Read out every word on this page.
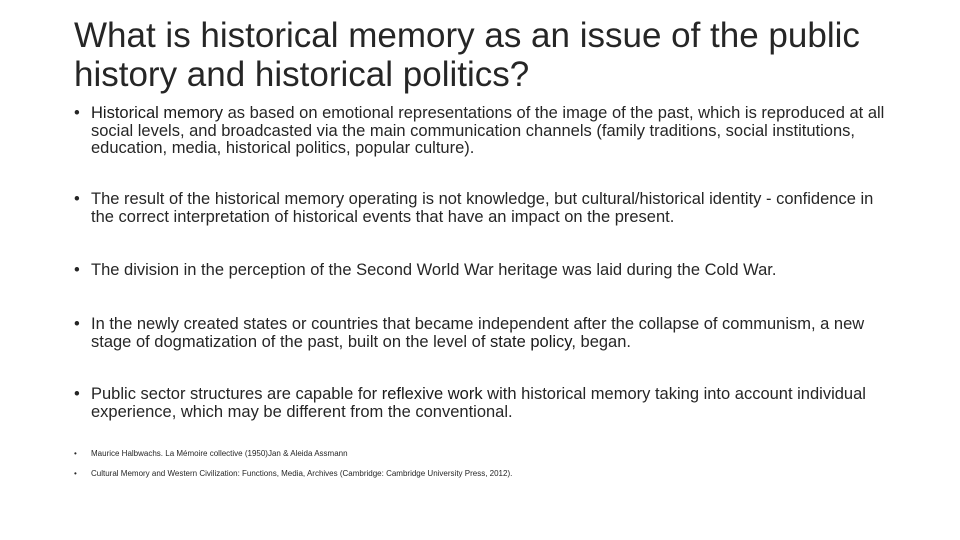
What is historical memory as an issue of the public history and historical politics?
• Historical memory as based on emotional representations of the image of the past, which is reproduced at all social levels, and broadcasted via the main communication channels (family traditions, social institutions, education, media, historical politics, popular culture).
• The result of the historical memory operating is not knowledge, but cultural/historical identity - confidence in the correct interpretation of historical events that have an impact on the present.
• The division in the perception of the Second World War heritage was laid during the Cold War.
• In the newly created states or countries that became independent after the collapse of communism, a new stage of dogmatization of the past, built on the level of state policy, began.
• Public sector structures are capable for reflexive work with historical memory taking into account individual experience, which may be different from the conventional.
•	Maurice Halbwachs. La Mémoire collective (1950)Jan & Aleida Assmann
•	Cultural Memory and Western Civilization: Functions, Media, Archives (Cambridge: Cambridge University Press, 2012).
